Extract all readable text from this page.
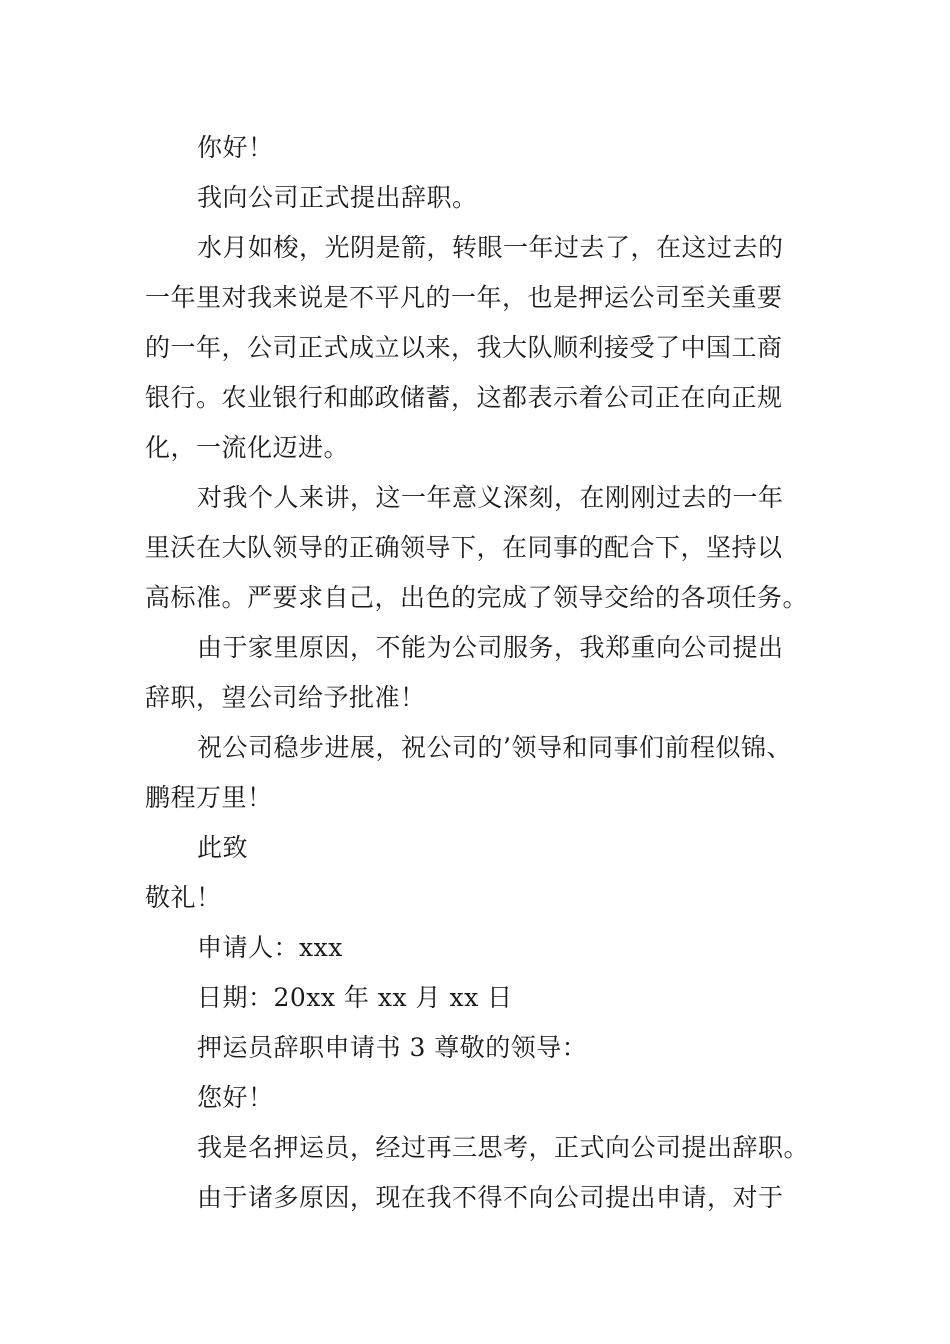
你好！
我向公司正式提出辞职。
水月如梭，光阴是箭，转眼一年过去了，在这过去的
一年里对我来说是不平凡的一年，也是押运公司至关重要
的一年，公司正式成立以来，我大队顺利接受了中国工商
银行。农业银行和邮政储蓄，这都表示着公司正在向正规
化，一流化迈进。
对我个人来讲，这一年意义深刻，在刚刚过去的一年
里沃在大队领导的正确领导下，在同事的配合下，坚持以
高标准。严要求自己，出色的完成了领导交给的各项任务。
由于家里原因，不能为公司服务，我郑重向公司提出
辞职，望公司给予批准！
祝公司稳步进展，祝公司的’领导和同事们前程似锦、
鹏程万里！
此致
敬礼！
申请人：xxx
日期：20xx 年 xx 月 xx 日
押运员辞职申请书 3 尊敬的领导：
您好！
我是名押运员，经过再三思考，正式向公司提出辞职。
由于诸多原因，现在我不得不向公司提出申请，对于
